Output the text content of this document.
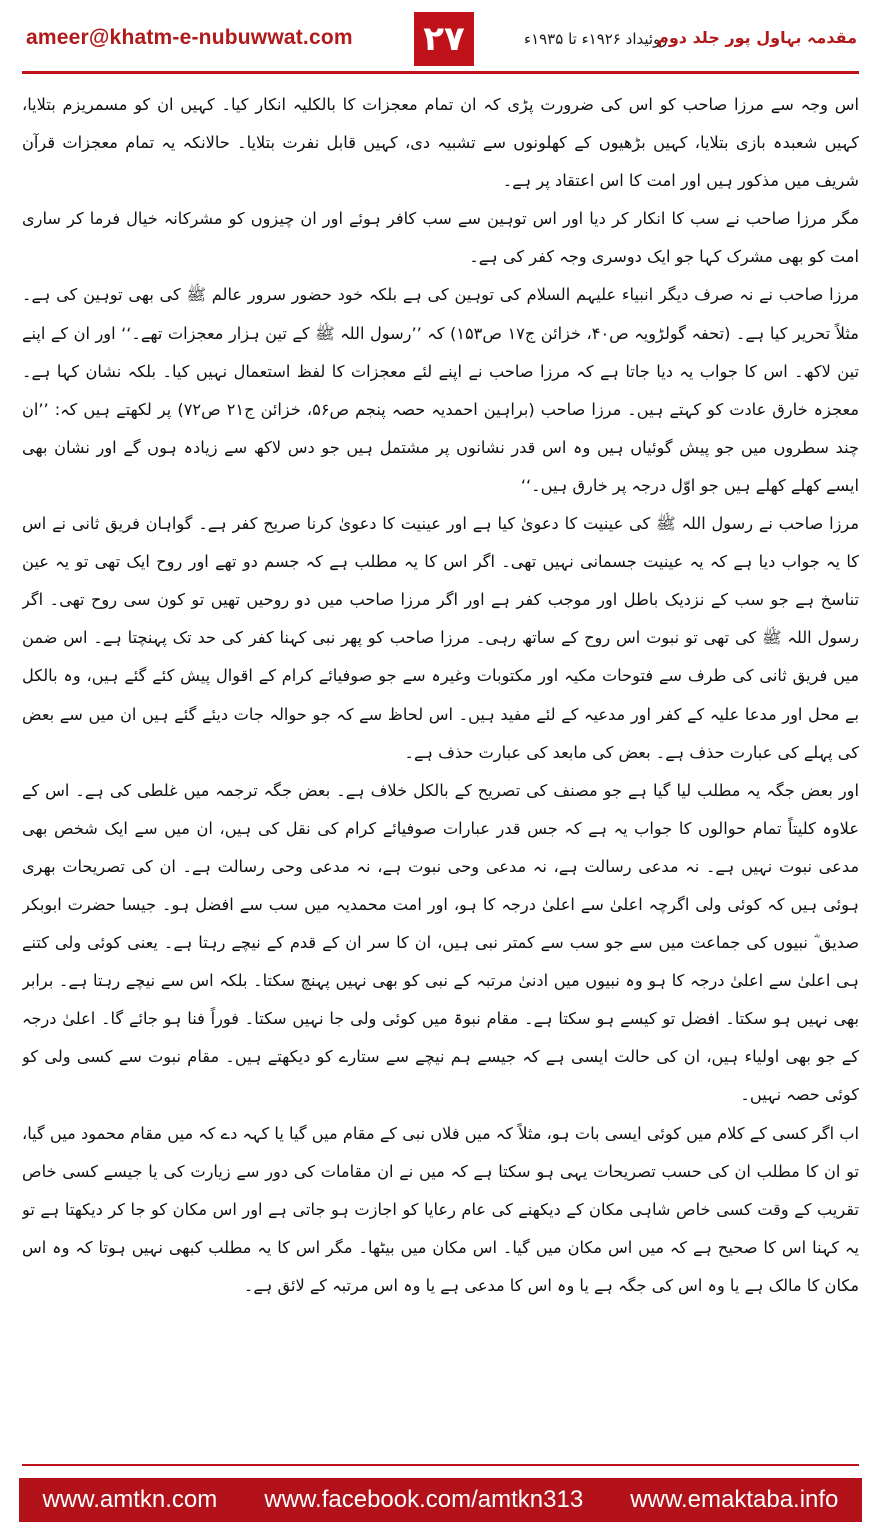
ameer@khatm-e-nubuwwat.com ۲۷	روئیداد ۱۹۲۶ء تا ۱۹۳۵ء
مقدمہ بہاول پور جلد دوم

اس وجہ سے مرزا صاحب کو اس کی ضرورت پڑی کہ ان تمام معجزات کا بالکلیہ انکار کیا۔ کہیں ان کو مسمریزم بتلایا، کہیں شعبدہ بازی بتلایا، کہیں بڑھیوں کے کھلونوں سے تشبیہ دی، کہیں قابل نفرت بتلایا۔ حالانکہ یہ تمام معجزات قرآن شریف میں مذکور ہیں اور امت کا اس اعتقاد پر ہے۔

مگر مرزا صاحب نے سب کا انکار کر دیا اور اس توہین سے سب کافر ہوئے اور ان چیزوں کو مشرکانہ خیال فرما کر ساری امت کو بھی مشرک کہا جو ایک دوسری وجہ کفر کی ہے۔

مرزا صاحب نے نہ صرف دیگر انبیاء علیہم السلام کی توہین کی ہے بلکہ خود حضور سرور عالم ﷺ کی بھی توہین کی ہے۔ مثلاً تحریر کیا ہے۔ (تحفہ گولڑویہ ص۴۰، خزائن ج۱۷ ص۱۵۳) کہ ’’رسول اللہ ﷺ کے تین ہزار معجزات تھے۔‘‘ اور ان کے اپنے تین لاکھ۔ اس کا جواب یہ دیا جاتا ہے کہ مرزا صاحب نے اپنے لئے معجزات کا لفظ استعمال نہیں کیا۔ بلکہ نشان کہا ہے۔ معجزہ خارق عادت کو کہتے ہیں۔ مرزا صاحب (براہین احمدیہ حصہ پنجم ص۵۶، خزائن ج۲۱ ص۷۲) پر لکھتے ہیں کہ: ’’ان چند سطروں میں جو پیش گوئیاں ہیں وہ اس قدر نشانوں پر مشتمل ہیں جو دس لاکھ سے زیادہ ہوں گے اور نشان بھی ایسے کھلے کھلے ہیں جو اوّل درجہ پر خارق ہیں۔‘‘

مرزا صاحب نے رسول اللہ ﷺ کی عینیت کا دعویٰ کیا ہے اور عینیت کا دعویٰ کرنا صریح کفر ہے۔ گواہان فریق ثانی نے اس کا یہ جواب دیا ہے کہ یہ عینیت جسمانی نہیں تھی۔ اگر اس کا یہ مطلب ہے کہ جسم دو تھے اور روح ایک تھی تو یہ عین تناسخ ہے جو سب کے نزدیک باطل اور موجب کفر ہے اور اگر مرزا صاحب میں دو روحیں تھیں تو کون سی روح تھی۔ اگر رسول اللہ ﷺ کی تھی تو نبوت اس روح کے ساتھ رہی۔ مرزا صاحب کو پھر نبی کہنا کفر کی حد تک پہنچتا ہے۔ اس ضمن میں فریق ثانی کی طرف سے فتوحات مکیہ اور مکتوبات وغیرہ سے جو صوفیائے کرام کے اقوال پیش کئے گئے ہیں، وہ بالکل بے محل اور مدعا علیہ کے کفر اور مدعیہ کے لئے مفید ہیں۔ اس لحاظ سے کہ جو حوالہ جات دیئے گئے ہیں ان میں سے بعض کی پہلے کی عبارت حذف ہے۔ بعض کی مابعد کی عبارت حذف ہے۔

اور بعض جگہ یہ مطلب لیا گیا ہے جو مصنف کی تصریح کے بالکل خلاف ہے۔ بعض جگہ ترجمہ میں غلطی کی ہے۔ اس کے علاوہ کلیتاً تمام حوالوں کا جواب یہ ہے کہ جس قدر عبارات صوفیائے کرام کی نقل کی ہیں، ان میں سے ایک شخص بھی مدعی نبوت نہیں ہے۔ نہ مدعی رسالت ہے، نہ مدعی وحی نبوت ہے، نہ مدعی وحی رسالت ہے۔ ان کی تصریحات بھری ہوئی ہیں کہ کوئی ولی اگرچہ اعلیٰ سے اعلیٰ درجہ کا ہو، اور امت محمدیہ میں سب سے افضل ہو۔ جیسا حضرت ابوبکر صدیق ؓ نبیوں کی جماعت میں سے جو سب سے کمتر نبی ہیں، ان کا سر ان کے قدم کے نیچے رہتا ہے۔ یعنی کوئی ولی کتنے ہی اعلیٰ سے اعلیٰ درجہ کا ہو وہ نبیوں میں ادنیٰ مرتبہ کے نبی کو بھی نہیں پہنچ سکتا۔ بلکہ اس سے نیچے رہتا ہے۔ برابر بھی نہیں ہو سکتا۔ افضل تو کیسے ہو سکتا ہے۔ مقام نبوۃ میں کوئی ولی جا نہیں سکتا۔ فوراً فنا ہو جائے گا۔ اعلیٰ درجہ کے جو بھی اولیاء ہیں، ان کی حالت ایسی ہے کہ جیسے ہم نیچے سے ستارے کو دیکھتے ہیں۔ مقام نبوت سے کسی ولی کو کوئی حصہ نہیں۔

اب اگر کسی کے کلام میں کوئی ایسی بات ہو، مثلاً کہ میں فلاں نبی کے مقام میں گیا یا کہہ دے کہ میں مقام محمود میں گیا، تو ان کا مطلب ان کی حسب تصریحات یہی ہو سکتا ہے کہ میں نے ان مقامات کی دور سے زیارت کی یا جیسے کسی خاص تقریب کے وقت کسی خاص شاہی مکان کے دیکھنے کی عام رعایا کو اجازت ہو جاتی ہے اور اس مکان کو جا کر دیکھتا ہے تو یہ کہنا اس کا صحیح ہے کہ میں اس مکان میں گیا۔ اس مکان میں بیٹھا۔ مگر اس کا یہ مطلب کبھی نہیں ہوتا کہ وہ اس مکان کا مالک ہے یا وہ اس کی جگہ ہے یا وہ اس کا مدعی ہے یا وہ اس مرتبہ کے لائق ہے۔

www.amtkn.com www.facebook.com/amtkn313 www.emaktaba.info
